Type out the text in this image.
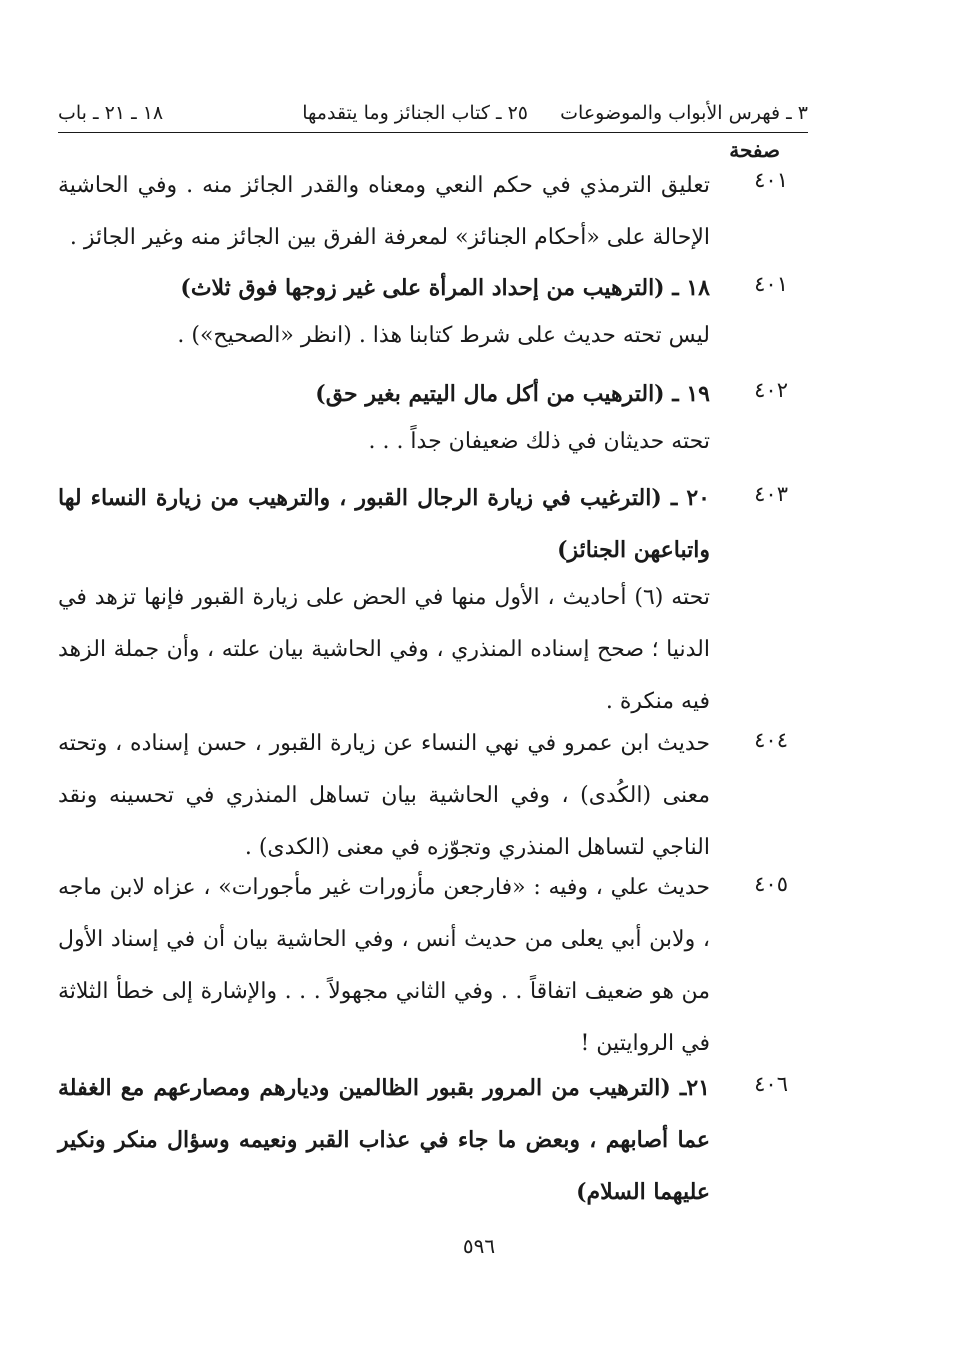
٣ ـ فهرس الأبواب والموضوعات
٢٥ ـ كتاب الجنائز وما يتقدمها
١٨ ـ ٢١ ـ باب
صفحة
٤٠١
تعليق الترمذي في حكم النعي ومعناه والقدر الجائز منه . وفي الحاشية الإحالة على «أحكام الجنائز» لمعرفة الفرق بين الجائز منه وغير الجائز .
٤٠١
١٨ ـ (الترهيب من إحداد المرأة على غير زوجها فوق ثلاث)
ليس تحته حديث على شرط كتابنا هذا . (انظر «الصحيح») .
٤٠٢
١٩ ـ (الترهيب من أكل مال اليتيم بغير حق)
تحته حديثان في ذلك ضعيفان جداً . . .
٤٠٣
٢٠ ـ (الترغيب في زيارة الرجال القبور ، والترهيب من زيارة النساء لها واتباعهن الجنائز)
تحته (٦) أحاديث ، الأول منها في الحض على زيارة القبور فإنها تزهد في الدنيا ؛ صحح إسناده المنذري ، وفي الحاشية بيان علته ، وأن جملة الزهد فيه منكرة .
٤٠٤
حديث ابن عمرو في نهي النساء عن زيارة القبور ، حسن إسناده ، وتحته معنى (الكُدى) ، وفي الحاشية بيان تساهل المنذري في تحسينه ونقد الناجي لتساهل المنذري وتجوّزه في معنى (الكدى) .
٤٠٥
حديث علي ، وفيه : «فارجعن مأزورات غير مأجورات» ، عزاه لابن ماجه ، ولابن أبي يعلى من حديث أنس ، وفي الحاشية بيان أن في إسناد الأول من هو ضعيف اتفاقاً . . وفي الثاني مجهولاً . . . والإشارة إلى خطأ الثلاثة في الروايتين !
٤٠٦
٢١ـ (الترهيب من المرور بقبور الظالمين وديارهم ومصارعهم مع الغفلة عما أصابهم ، وبعض ما جاء في عذاب القبر ونعيمه وسؤال منكر ونكير عليهما السلام)
٥٩٦
